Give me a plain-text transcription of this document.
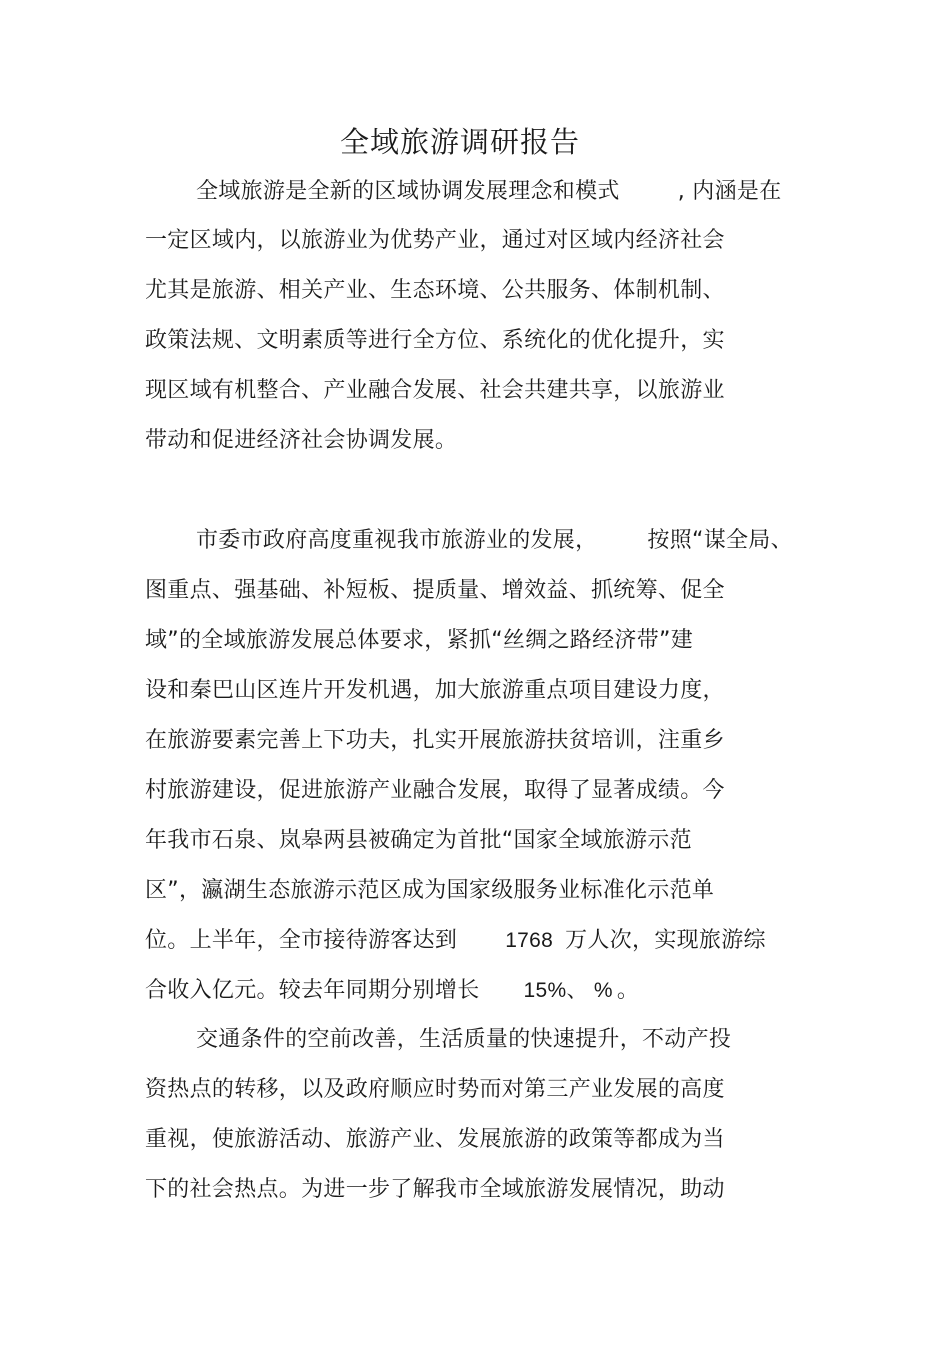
全域旅游调研报告
全域旅游是全新的区域协调发展理念和模式	, 内涵是在
一定区域内，以旅游业为优势产业，通过对区域内经济社会
尤其是旅游、相关产业、生态环境、公共服务、体制机制、
政策法规、文明素质等进行全方位、系统化的优化提升，实
现区域有机整合、产业融合发展、社会共建共享，以旅游业
带动和促进经济社会协调发展。
市委市政府高度重视我市旅游业的发展， 按照“谋全局、
图重点、强基础、补短板、提质量、增效益、抓统筹、促全
域”的全域旅游发展总体要求，紧抓“丝绸之路经济带”建
设和秦巴山区连片开发机遇，加大旅游重点项目建设力度，
在旅游要素完善上下功夫，扎实开展旅游扶贫培训，注重乡
村旅游建设，促进旅游产业融合发展，取得了显著成绩。今
年我市石泉、岚皋两县被确定为首批“国家全域旅游示范
区”，瀛湖生态旅游示范区成为国家级服务业标准化示范单
位。上半年，全市接待游客达到 1768 万人次，实现旅游综
合收入亿元。较去年同期分别增长 15%、 % 。
交通条件的空前改善，生活质量的快速提升，不动产投
资热点的转移，以及政府顺应时势而对第三产业发展的高度
重视，使旅游活动、旅游产业、发展旅游的政策等都成为当
下的社会热点。为进一步了解我市全域旅游发展情况，助动
